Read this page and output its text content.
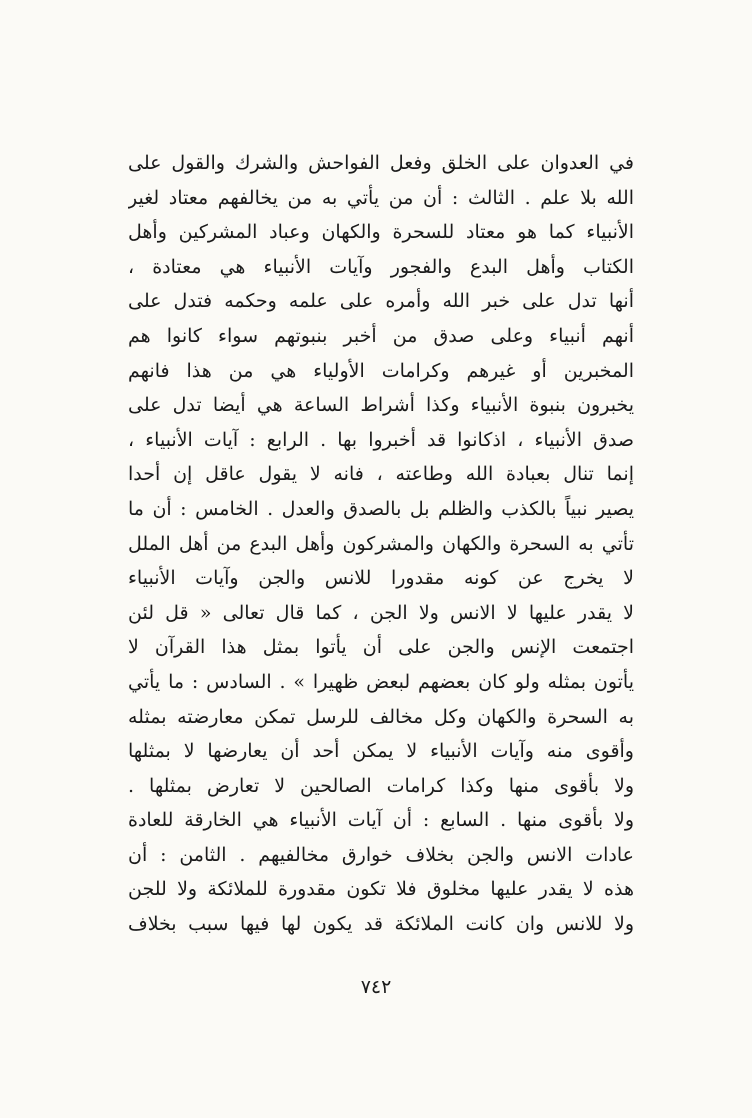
في العدوان على الخلق وفعل الفواحش والشرك والقول على
الله بلا علم . الثالث : أن من يأتي به من يخالفهم معتاد لغير
الأنبياء كما هو معتاد للسحرة والكهان وعباد المشركين وأهل
الكتاب وأهل البدع والفجور وآيات الأنبياء هي معتادة ،
أنها تدل على خبر الله وأمره على علمه وحكمه فتدل على
أنهم أنبياء وعلى صدق من أخبر بنبوتهم سواء كانوا هم
المخبرين أو غيرهم وكرامات الأولياء هي من هذا فانهم
يخبرون بنبوة الأنبياء وكذا أشراط الساعة هي أيضا تدل على
صدق الأنبياء ، اذكانوا قد أخبروا بها . الرابع : آيات الأنبياء ،
إنما تنال بعبادة الله وطاعته ، فانه لا يقول عاقل إن أحدا
يصير نبياً بالكذب والظلم بل بالصدق والعدل . الخامس : أن ما
تأتي به السحرة والكهان والمشركون وأهل البدع من أهل الملل
لا يخرج عن كونه مقدورا للانس والجن وآيات الأنبياء
لا يقدر عليها لا الانس ولا الجن ، كما قال تعالى « قل لئن
اجتمعت الإنس والجن على أن يأتوا بمثل هذا القرآن لا
يأتون بمثله ولو كان بعضهم لبعض ظهيرا » . السادس : ما يأتي
به السحرة والكهان وكل مخالف للرسل تمكن معارضته بمثله
وأقوى منه وآيات الأنبياء لا يمكن أحد أن يعارضها لا بمثلها
ولا بأقوى منها وكذا كرامات الصالحين لا تعارض بمثلها .
ولا بأقوى منها . السابع : أن آيات الأنبياء هي الخارقة للعادة
عادات الانس والجن بخلاف خوارق مخالفيهم . الثامن : أن
هذه لا يقدر عليها مخلوق فلا تكون مقدورة للملائكة ولا للجن
ولا للانس وان كانت الملائكة قد يكون لها فيها سبب بخلاف
٧٤٢
